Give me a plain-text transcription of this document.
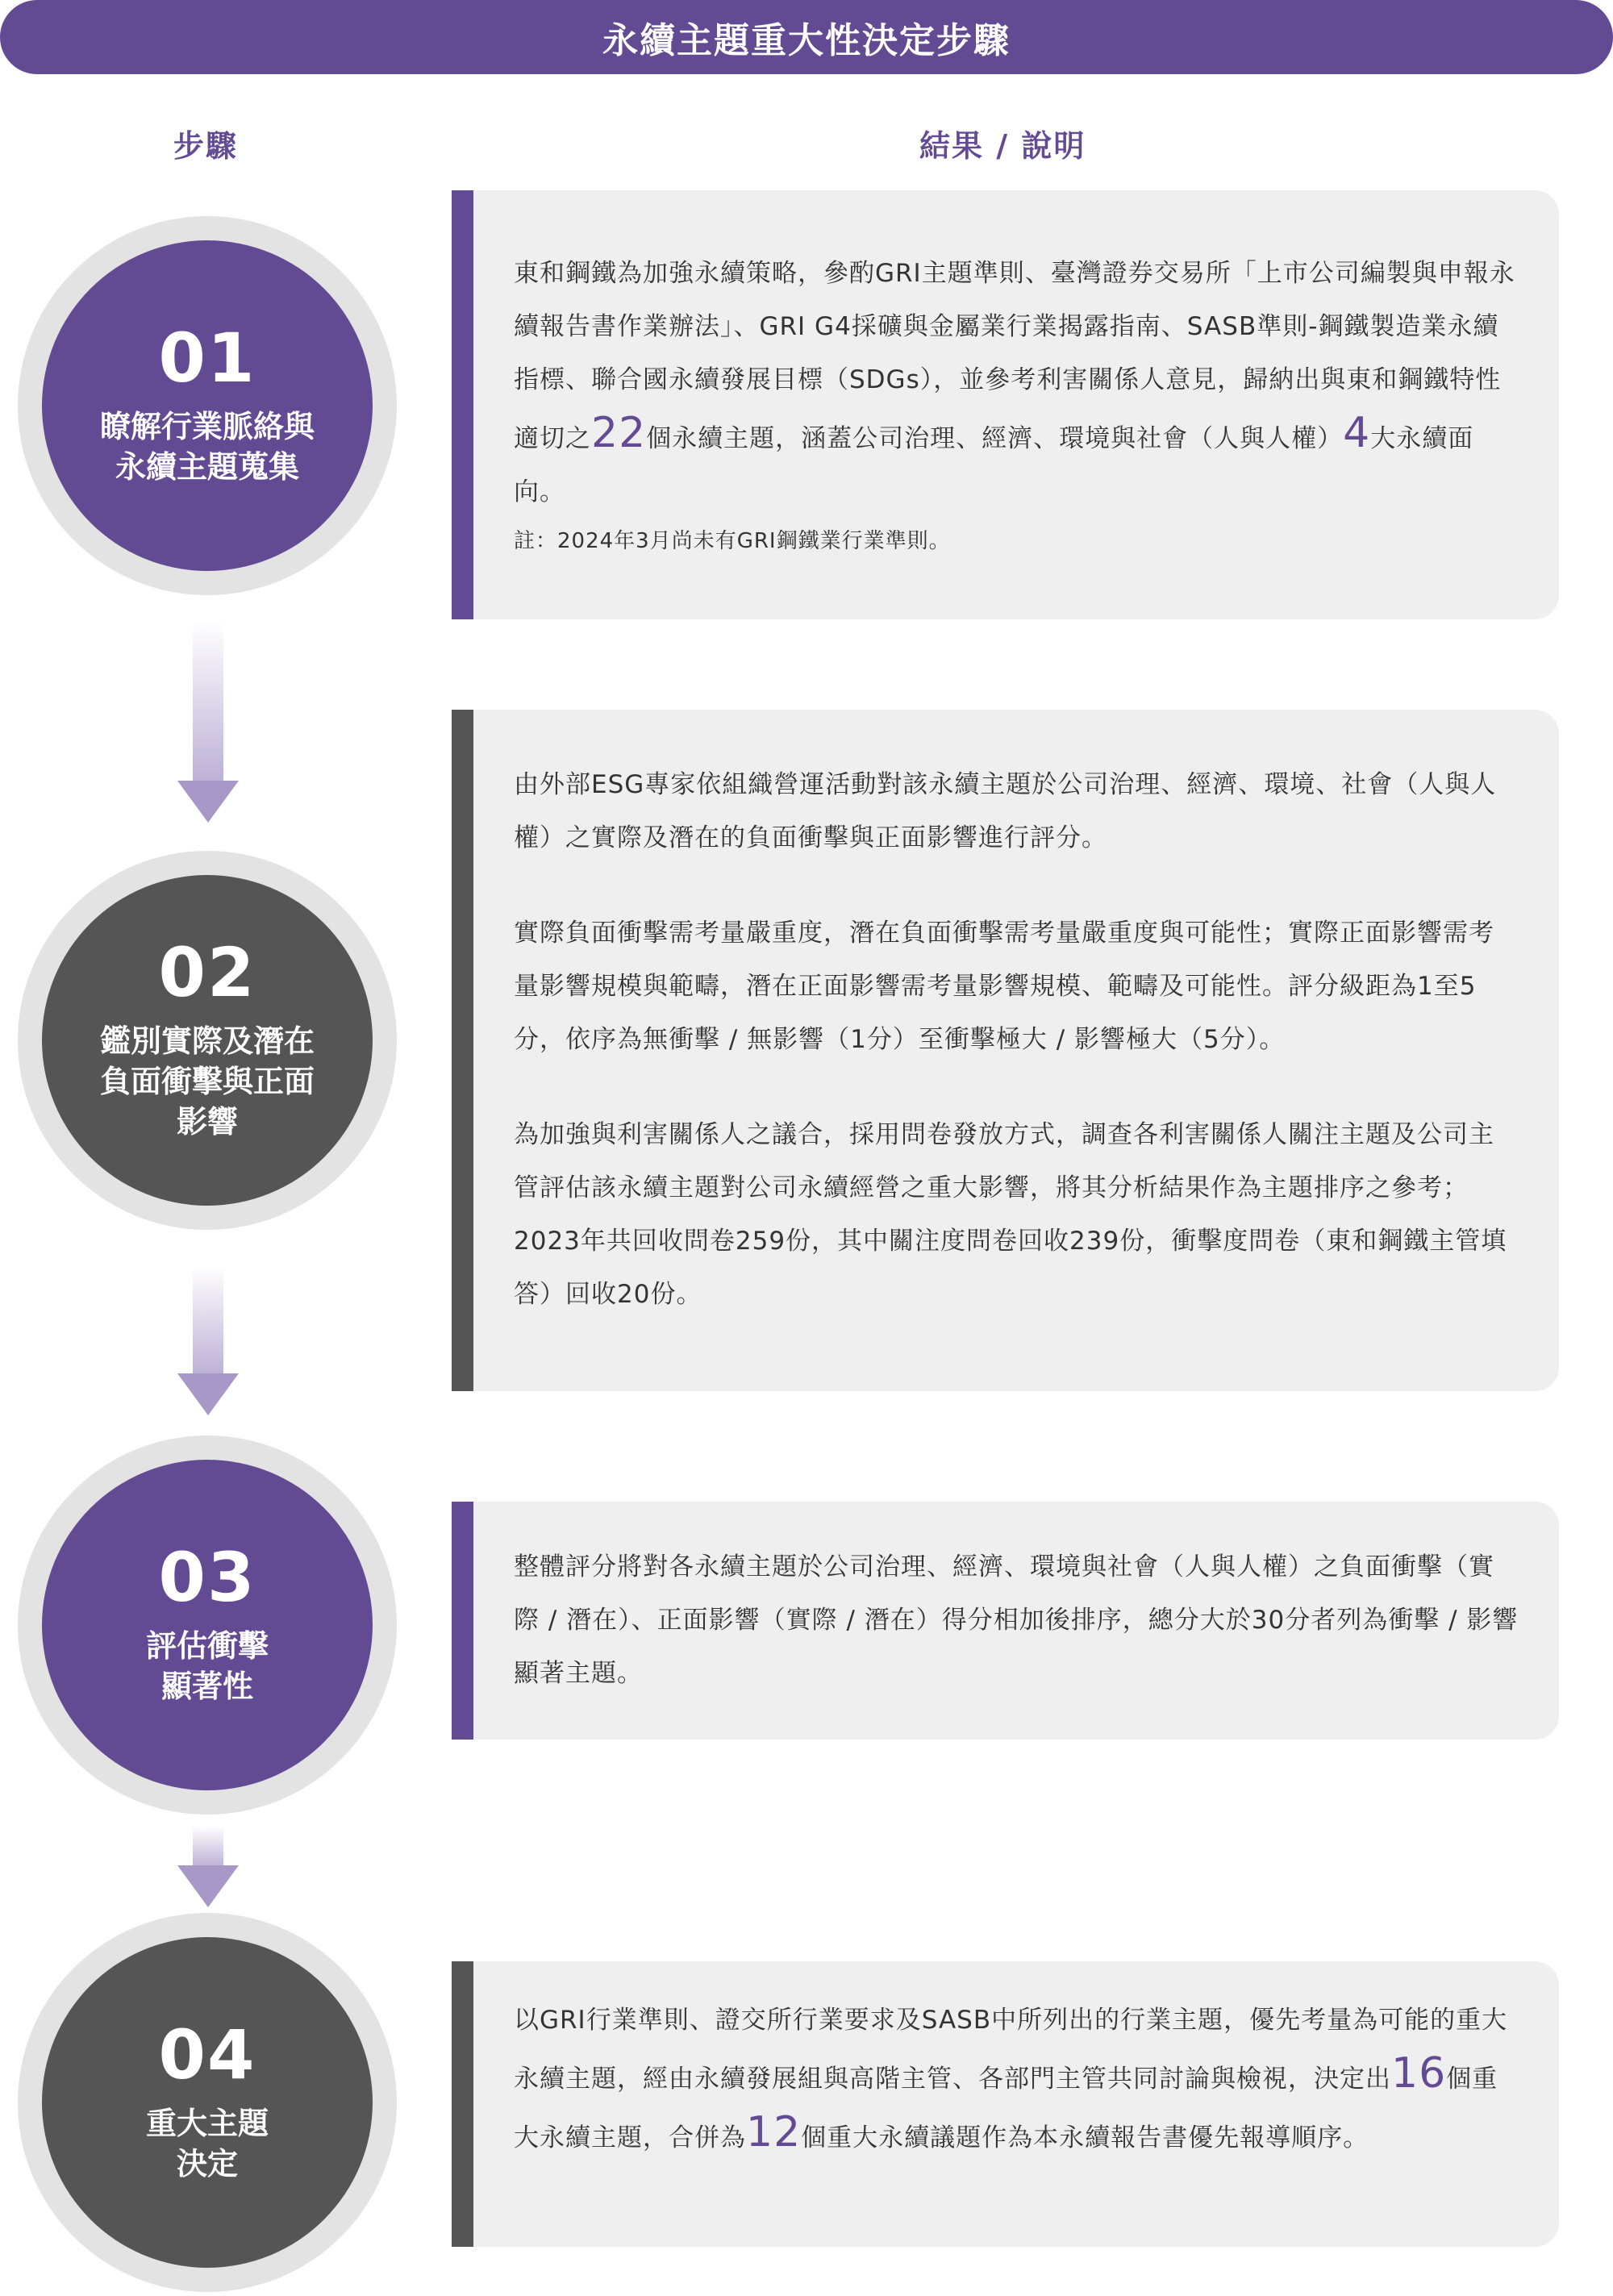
永續主題重大性決定步驟
步驟	結果 / 說明
01
瞭解行業脈絡與
永續主題蒐集

東和鋼鐵為加強永續策略，參酌GRI主題準則、臺灣證券交易所「上市公司編製與申報永續報告書作業辦法」、GRI G4採礦與金屬業行業揭露指南、SASB準則-鋼鐵製造業永續指標、聯合國永續發展目標（SDGs），並參考利害關係人意見，歸納出與東和鋼鐵特性適切之22個永續主題，涵蓋公司治理、經濟、環境與社會（人與人權）4大永續面向。

註：2024年3月尚未有GRI鋼鐵業行業準則。

02
鑑別實際及潛在
負面衝擊與正面
影響

由外部ESG專家依組織營運活動對該永續主題於公司治理、經濟、環境、社會（人與人權）之實際及潛在的負面衝擊與正面影響進行評分。

實際負面衝擊需考量嚴重度，潛在負面衝擊需考量嚴重度與可能性；實際正面影響需考量影響規模與範疇，潛在正面影響需考量影響規模、範疇及可能性。評分級距為1至5分，依序為無衝擊 / 無影響（1分）至衝擊極大 / 影響極大（5分）。

為加強與利害關係人之議合，採用問卷發放方式，調查各利害關係人關注主題及公司主管評估該永續主題對公司永續經營之重大影響，將其分析結果作為主題排序之參考；2023年共回收問卷259份，其中關注度問卷回收239份，衝擊度問卷（東和鋼鐵主管填答）回收20份。

03
評估衝擊
顯著性

整體評分將對各永續主題於公司治理、經濟、環境與社會（人與人權）之負面衝擊（實際 / 潛在）、正面影響（實際 / 潛在）得分相加後排序，總分大於30分者列為衝擊 / 影響顯著主題。

04
重大主題
決定

以GRI行業準則、證交所行業要求及SASB中所列出的行業主題，優先考量為可能的重大永續主題，經由永續發展組與高階主管、各部門主管共同討論與檢視，決定出16個重大永續主題，合併為12個重大永續議題作為本永續報告書優先報導順序。
